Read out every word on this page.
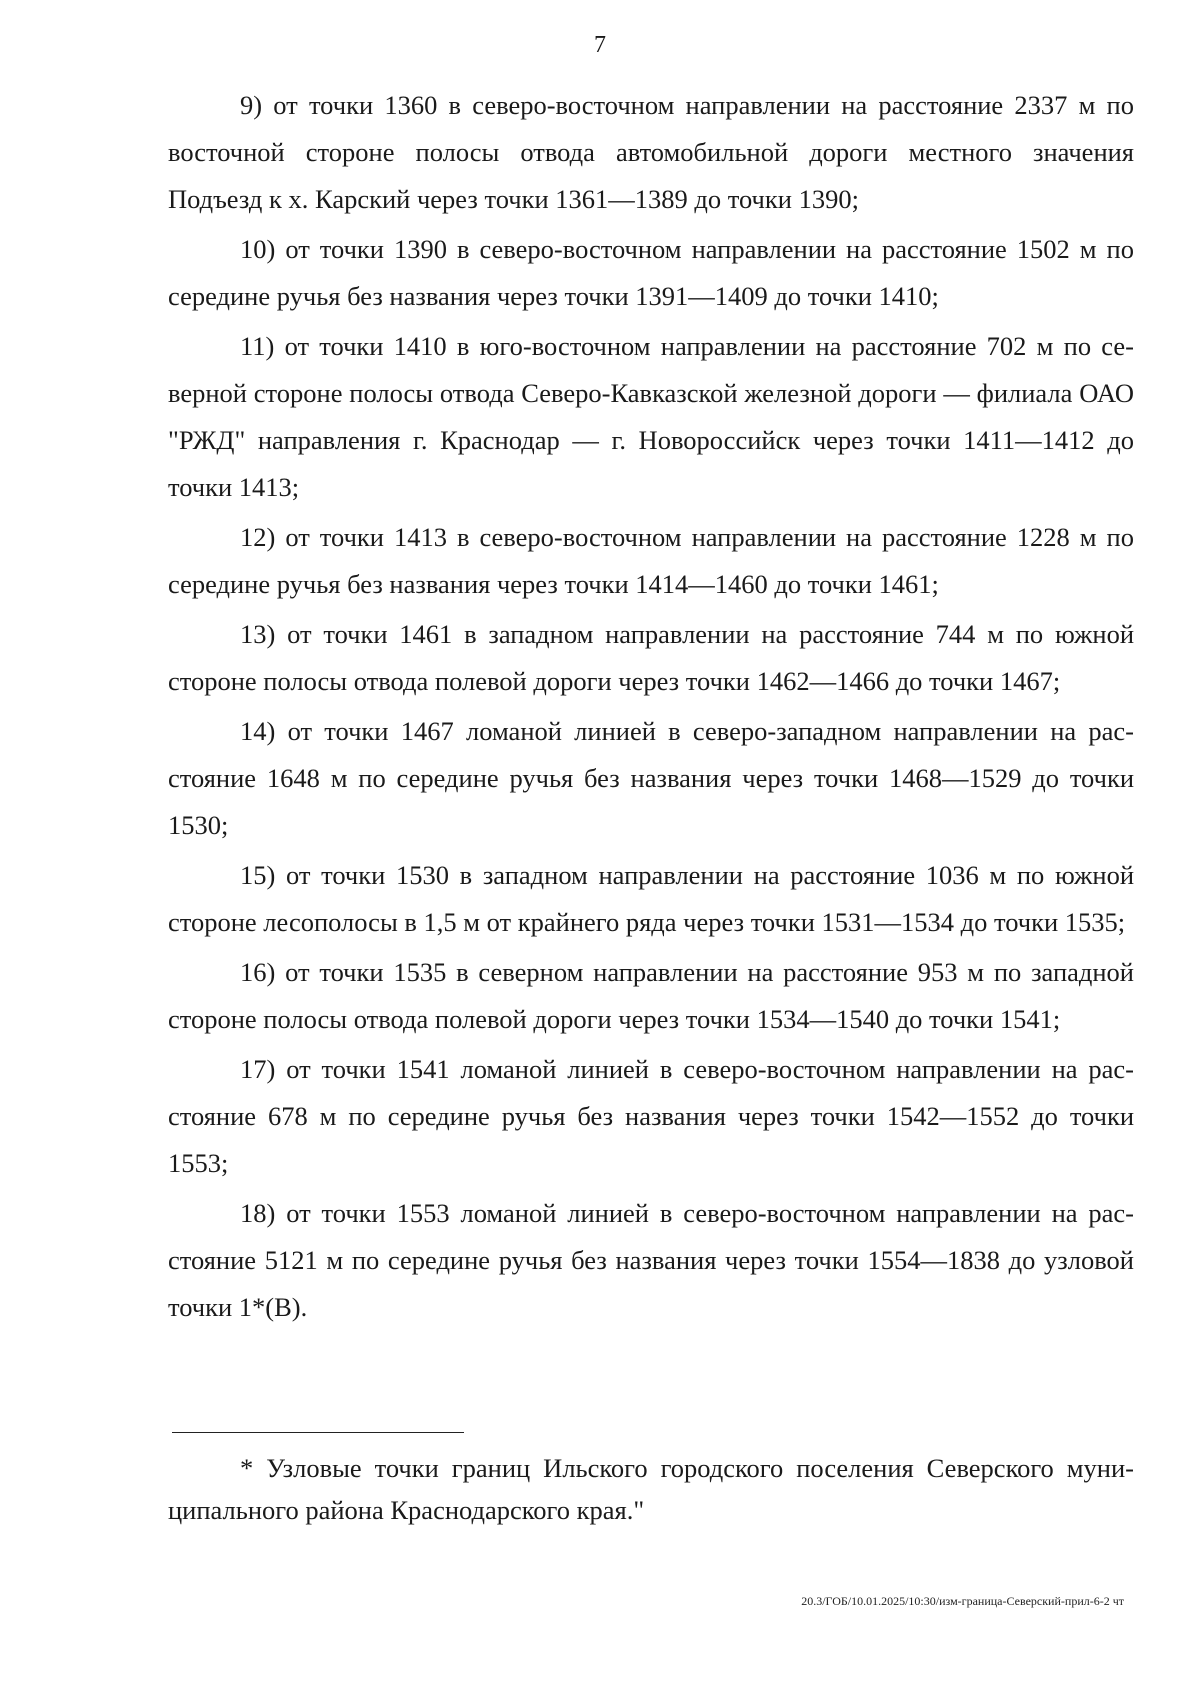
7

9) от точки 1360 в северо-восточном направлении на расстояние 2337 м по восточной стороне полосы отвода автомобильной дороги местного значения Подъезд к х. Карский через точки 1361—1389 до точки 1390;

10) от точки 1390 в северо-восточном направлении на расстояние 1502 м по середине ручья без названия через точки 1391—1409 до точки 1410;

11) от точки 1410 в юго-восточном направлении на расстояние 702 м по северной стороне полосы отвода Северо-Кавказской железной дороги — филиала ОАО "РЖД" направления г. Краснодар — г. Новороссийск через точки 1411—1412 до точки 1413;

12) от точки 1413 в северо-восточном направлении на расстояние 1228 м по середине ручья без названия через точки 1414—1460 до точки 1461;

13) от точки 1461 в западном направлении на расстояние 744 м по южной стороне полосы отвода полевой дороги через точки 1462—1466 до точки 1467;

14) от точки 1467 ломаной линией в северо-западном направлении на расстояние 1648 м по середине ручья без названия через точки 1468—1529 до точки 1530;

15) от точки 1530 в западном направлении на расстояние 1036 м по южной стороне лесополосы в 1,5 м от крайнего ряда через точки 1531—1534 до точки 1535;

16) от точки 1535 в северном направлении на расстояние 953 м по западной стороне полосы отвода полевой дороги через точки 1534—1540 до точки 1541;

17) от точки 1541 ломаной линией в северо-восточном направлении на расстояние 678 м по середине ручья без названия через точки 1542—1552 до точки 1553;

18) от точки 1553 ломаной линией в северо-восточном направлении на расстояние 5121 м по середине ручья без названия через точки 1554—1838 до узловой точки 1*(В).

* Узловые точки границ Ильского городского поселения Северского муниципального района Краснодарского края."

20.3/ГОБ/10.01.2025/10:30/изм-граница-Северский-прил-6-2 чт
